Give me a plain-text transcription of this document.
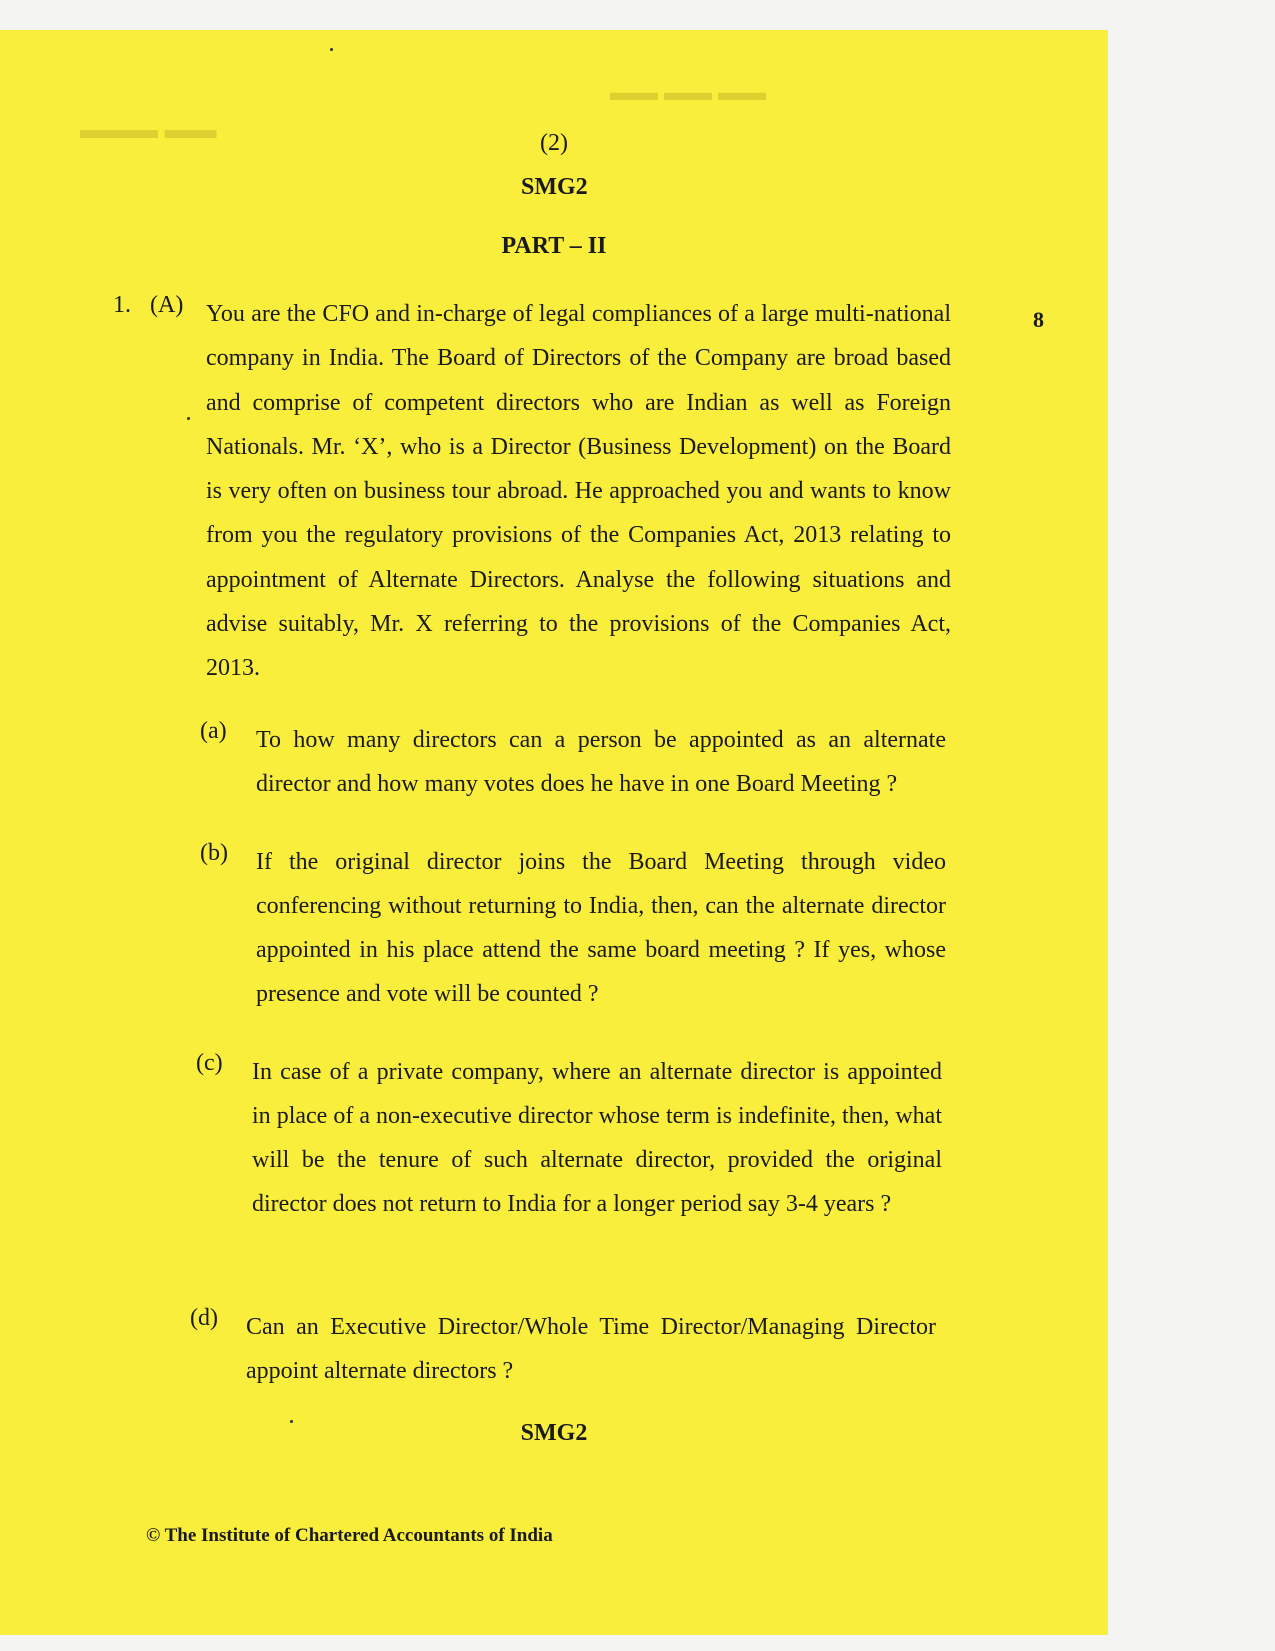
▬▬ ▬▬ ▬▬
▬▬▬ ▬▬	(2)
SMG2
PART – II
1. (A)
8

You are the CFO and in-charge of legal compliances of a large multi-national company in India. The Board of Directors of the Company are broad based and comprise of competent directors who are Indian as well as Foreign Nationals. Mr. ‘X’, who is a Director (Business Development) on the Board is very often on business tour abroad. He approached you and wants to know from you the regulatory provisions of the Companies Act, 2013 relating to appointment of Alternate Directors. Analyse the following situations and advise suitably, Mr. X referring to the provisions of the Companies Act, 2013.

(a) To how many directors can a person be appointed as an alternate director and how many votes does he have in one Board Meeting ?

(b) If the original director joins the Board Meeting through video conferencing without returning to India, then, can the alternate director appointed in his place attend the same board meeting ? If yes, whose presence and vote will be counted ?

(c) In case of a private company, where an alternate director is appointed in place of a non-executive director whose term is indefinite, then, what will be the tenure of such alternate director, provided the original director does not return to India for a longer period say 3-4 years ?

(d) Can an Executive Director/Whole Time Director/Managing Director appoint alternate directors ?

SMG2
© The Institute of Chartered Accountants of India
